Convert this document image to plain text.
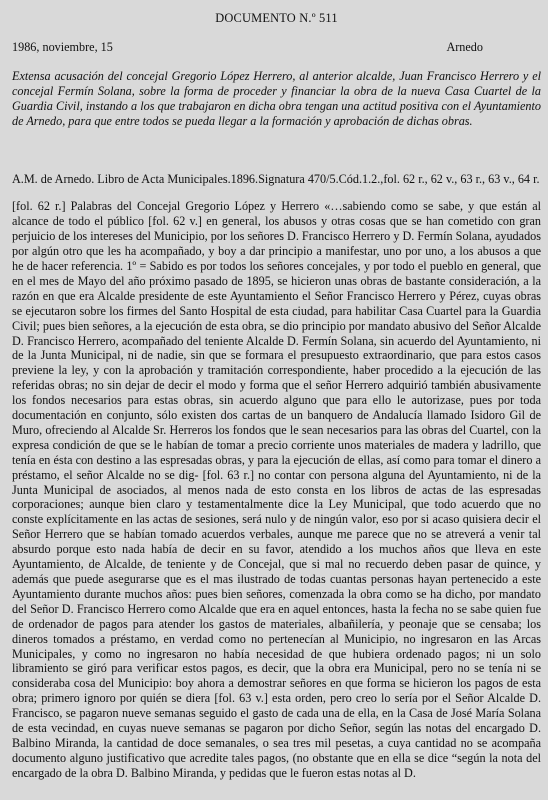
DOCUMENTO N.º 511
1986, noviembre, 15	Arnedo

Extensa acusación del concejal Gregorio López Herrero, al anterior alcalde, Juan Francisco Herrero y el concejal Fermín Solana, sobre la forma de proceder y financiar la obra de la nueva Casa Cuartel de la Guardia Civil, instando a los que trabajaron en dicha obra tengan una actitud positiva con el Ayuntamiento de Arnedo, para que entre todos se pueda llegar a la formación y aprobación de dichas obras.

A.M. de Arnedo. Libro de Acta Municipales.1896.Signatura 470/5.Cód.1.2.,fol. 62 r., 62 v., 63 r., 63 v., 64 r.

[fol. 62 r.] Palabras del Concejal Gregorio López y Herrero «…sabiendo como se sabe, y que están al alcance de todo el público [fol. 62 v.] en general, los abusos y otras cosas que se han cometido con gran perjuicio de los intereses del Municipio, por los señores D. Francisco Herrero y D. Fermín Solana, ayudados por algún otro que les ha acompañado, y boy a dar principio a manifestar, uno por uno, a los abusos a que he de hacer referencia. 1º = Sabido es por todos los señores concejales, y por todo el pueblo en general, que en el mes de Mayo del año próximo pasado de 1895, se hicieron unas obras de bastante consideración, a la razón en que era Alcalde presidente de este Ayuntamiento el Señor Francisco Herrero y Pérez, cuyas obras se ejecutaron sobre los firmes del Santo Hospital de esta ciudad, para habilitar Casa Cuartel para la Guardia Civil; pues bien señores, a la ejecución de esta obra, se dio principio por mandato abusivo del Señor Alcalde D. Francisco Herrero, acompañado del teniente Alcalde D. Fermín Solana, sin acuerdo del Ayuntamiento, ni de la Junta Municipal, ni de nadie, sin que se formara el presupuesto extraordinario, que para estos casos previene la ley, y con la aprobación y tramitación correspondiente, haber procedido a la ejecución de las referidas obras; no sin dejar de decir el modo y forma que el señor Herrero adquirió también abusivamente los fondos necesarios para estas obras, sin acuerdo alguno que para ello le autorizase, pues por toda documentación en conjunto, sólo existen dos cartas de un banquero de Andalucía llamado Isidoro Gil de Muro, ofreciendo al Alcalde Sr. Herreros los fondos que le sean necesarios para las obras del Cuartel, con la expresa condición de que se le habían de tomar a precio corriente unos materiales de madera y ladrillo, que tenía en ésta con destino a las espresadas obras, y para la ejecución de ellas, así como para tomar el dinero a préstamo, el señor Alcalde no se dig- [fol. 63 r.] no contar con persona alguna del Ayuntamiento, ni de la Junta Municipal de asociados, al menos nada de esto consta en los libros de actas de las espresadas corporaciones; aunque bien claro y testamentalmente dice la Ley Municipal, que todo acuerdo que no conste explícitamente en las actas de sesiones, será nulo y de ningún valor, eso por si acaso quisiera decir el Señor Herrero que se habían tomado acuerdos verbales, aunque me parece que no se atreverá a venir tal absurdo porque esto nada había de decir en su favor, atendido a los muchos años que lleva en este Ayuntamiento, de Alcalde, de teniente y de Concejal, que si mal no recuerdo deben pasar de quince, y además que puede asegurarse que es el mas ilustrado de todas cuantas personas hayan pertenecido a este Ayuntamiento durante muchos años: pues bien señores, comenzada la obra como se ha dicho, por mandato del Señor D. Francisco Herrero como Alcalde que era en aquel entonces, hasta la fecha no se sabe quien fue de ordenador de pagos para atender los gastos de materiales, albañilería, y peonaje que se censaba; los dineros tomados a préstamo, en verdad como no pertenecían al Municipio, no ingresaron en las Arcas Municipales, y como no ingresaron no había necesidad de que hubiera ordenado pagos; ni un solo libramiento se giró para verificar estos pagos, es decir, que la obra era Municipal, pero no se tenía ni se consideraba cosa del Municipio: boy ahora a demostrar señores en que forma se hicieron los pagos de esta obra; primero ignoro por quién se diera [fol. 63 v.] esta orden, pero creo lo sería por el Señor Alcalde D. Francisco, se pagaron nueve semanas seguido el gasto de cada una de ella, en la Casa de José María Solana de esta vecindad, en cuyas nueve semanas se pagaron por dicho Señor, según las notas del encargado D. Balbino Miranda, la cantidad de doce semanales, o sea tres mil pesetas, a cuya cantidad no se acompaña documento alguno justificativo que acredite tales pagos, (no obstante que en ella se dice “según la nota del encargado de la obra D. Balbino Miranda, y pedidas que le fueron estas notas al D.
